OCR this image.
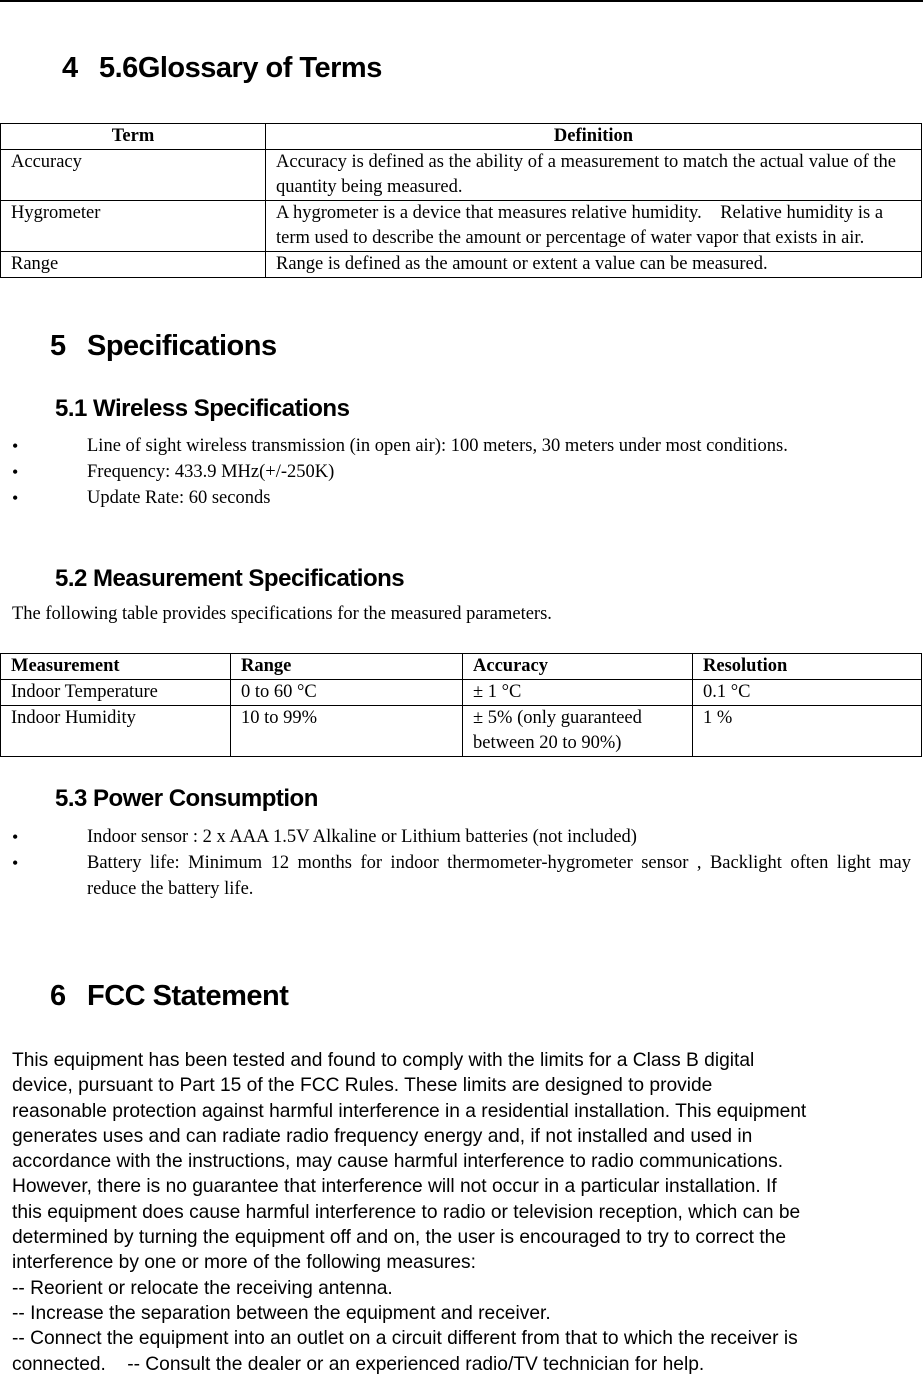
4 5.6Glossary of Terms
Term	Definition
Accuracy	Accuracy is defined as the ability of a measurement to match the actual value of the quantity being measured.
Hygrometer	A hygrometer is a device that measures relative humidity.    Relative humidity is a term used to describe the amount or percentage of water vapor that exists in air.
Range	Range is defined as the amount or extent a value can be measured.
5 Specifications
5.1 Wireless Specifications
• Line of sight wireless transmission (in open air): 100 meters, 30 meters under most conditions.
• Frequency: 433.9 MHz(+/-250K)
• Update Rate: 60 seconds
5.2 Measurement Specifications
The following table provides specifications for the measured parameters.
Measurement	Range	Accuracy	Resolution
Indoor Temperature	0 to 60 °C	± 1 °C	0.1 °C
Indoor Humidity	10 to 99%	± 5% (only guaranteed between 20 to 90%)	1 %
5.3 Power Consumption
• Indoor sensor : 2 x AAA 1.5V Alkaline or Lithium batteries (not included)
• Battery life: Minimum 12 months for indoor thermometer-hygrometer sensor , Backlight often light may reduce the battery life.
6 FCC Statement
This equipment has been tested and found to comply with the limits for a Class B digital
device, pursuant to Part 15 of the FCC Rules. These limits are designed to provide
reasonable protection against harmful interference in a residential installation. This equipment
generates uses and can radiate radio frequency energy and, if not installed and used in
accordance with the instructions, may cause harmful interference to radio communications.
However, there is no guarantee that interference will not occur in a particular installation. If
this equipment does cause harmful interference to radio or television reception, which can be
determined by turning the equipment off and on, the user is encouraged to try to correct the
interference by one or more of the following measures:
-- Reorient or relocate the receiving antenna.
-- Increase the separation between the equipment and receiver.
-- Connect the equipment into an outlet on a circuit different from that to which the receiver is
connected.    -- Consult the dealer or an experienced radio/TV technician for help.
